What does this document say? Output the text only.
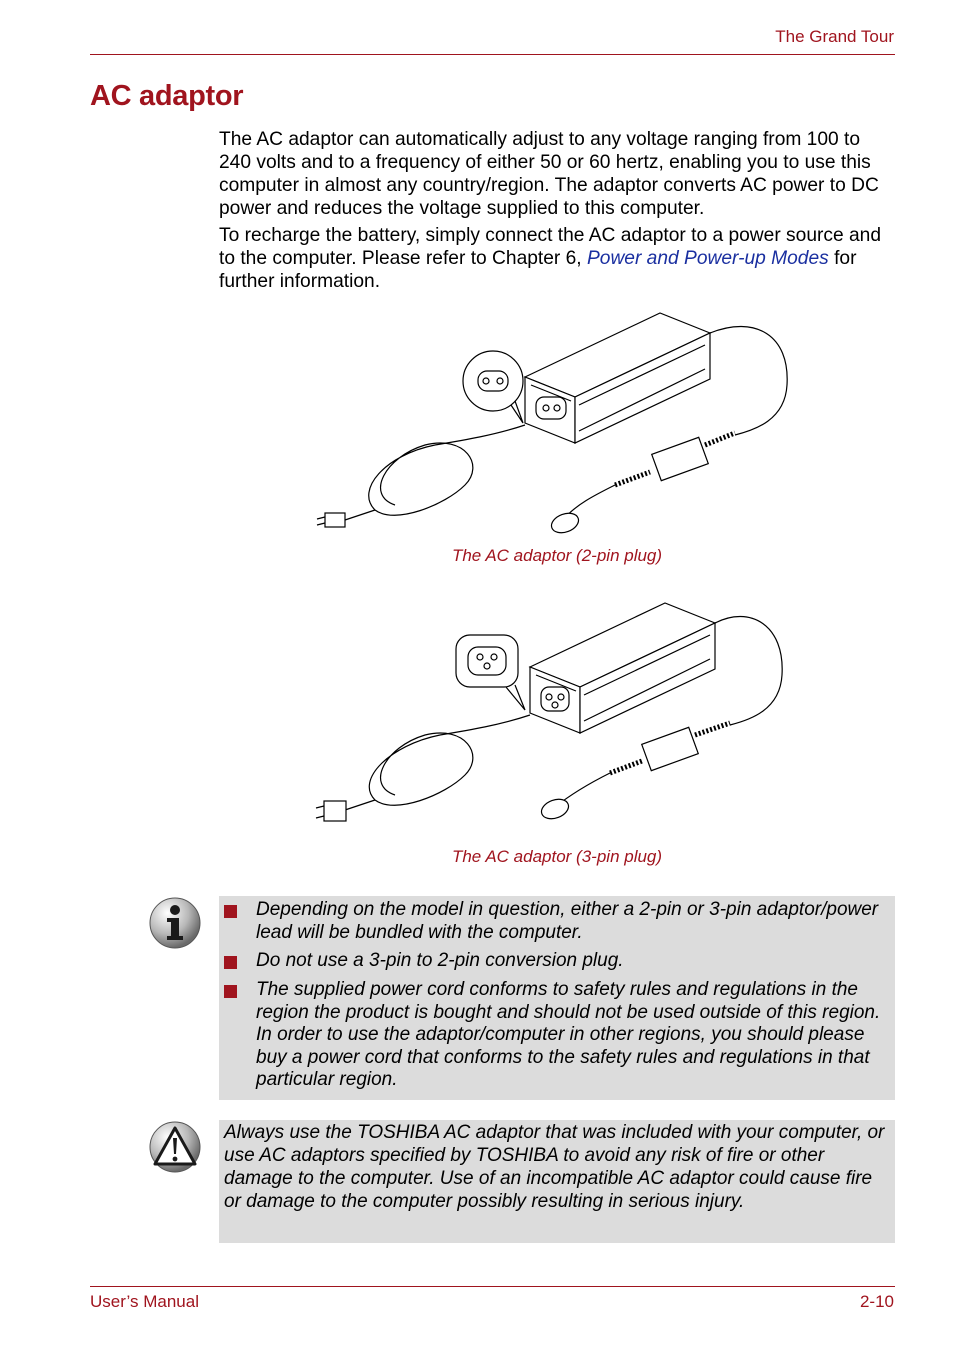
The Grand Tour
AC adaptor

The AC adaptor can automatically adjust to any voltage ranging from 100 to 240 volts and to a frequency of either 50 or 60 hertz, enabling you to use this computer in almost any country/region. The adaptor converts AC power to DC power and reduces the voltage supplied to this computer.

To recharge the battery, simply connect the AC adaptor to a power source and to the computer. Please refer to Chapter 6, Power and Power-up Modes for further information.

The AC adaptor (2-pin plug)
The AC adaptor (3-pin plug)
Depending on the model in question, either a 2-pin or 3-pin adaptor/power lead will be bundled with the computer.
Do not use a 3-pin to 2-pin conversion plug.
The supplied power cord conforms to safety rules and regulations in the region the product is bought and should not be used outside of this region. In order to use the adaptor/computer in other regions, you should please buy a power cord that conforms to the safety rules and regulations in that particular region.

Always use the TOSHIBA AC adaptor that was included with your computer, or use AC adaptors specified by TOSHIBA to avoid any risk of fire or other damage to the computer. Use of an incompatible AC adaptor could cause fire or damage to the computer possibly resulting in serious injury.

User’s Manual	2-10
